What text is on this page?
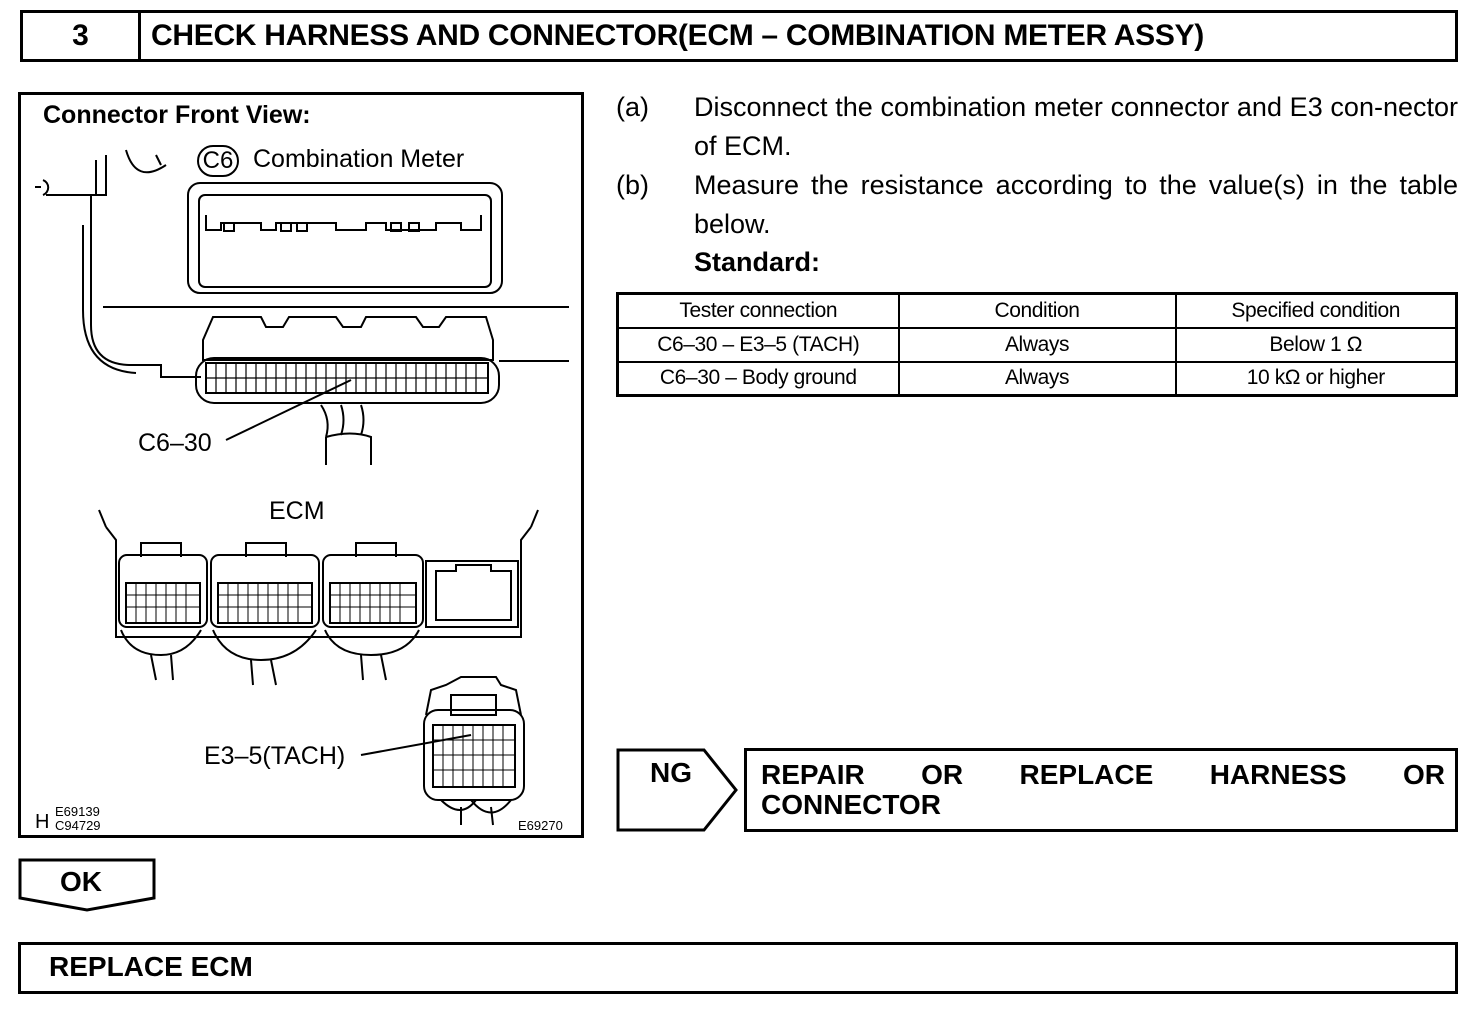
3	CHECK HARNESS AND CONNECTOR(ECM – COMBINATION METER ASSY)
Connector Front View:
C6 Combination Meter
C6–30
ECM
E3–5(TACH)
H E69139
C94729	E69270
(a) Disconnect the combination meter connector and E3 con-nector of ECM.
(b) Measure the resistance according to the value(s) in the table below.
Standard:
Tester connection	Condition	Specified condition
C6–30 – E3–5 (TACH)	Always	Below 1 Ω
C6–30 – Body ground	Always	10 kΩ or higher
NG REPAIR OR REPLACE HARNESS OR
CONNECTOR
OK
REPLACE ECM
